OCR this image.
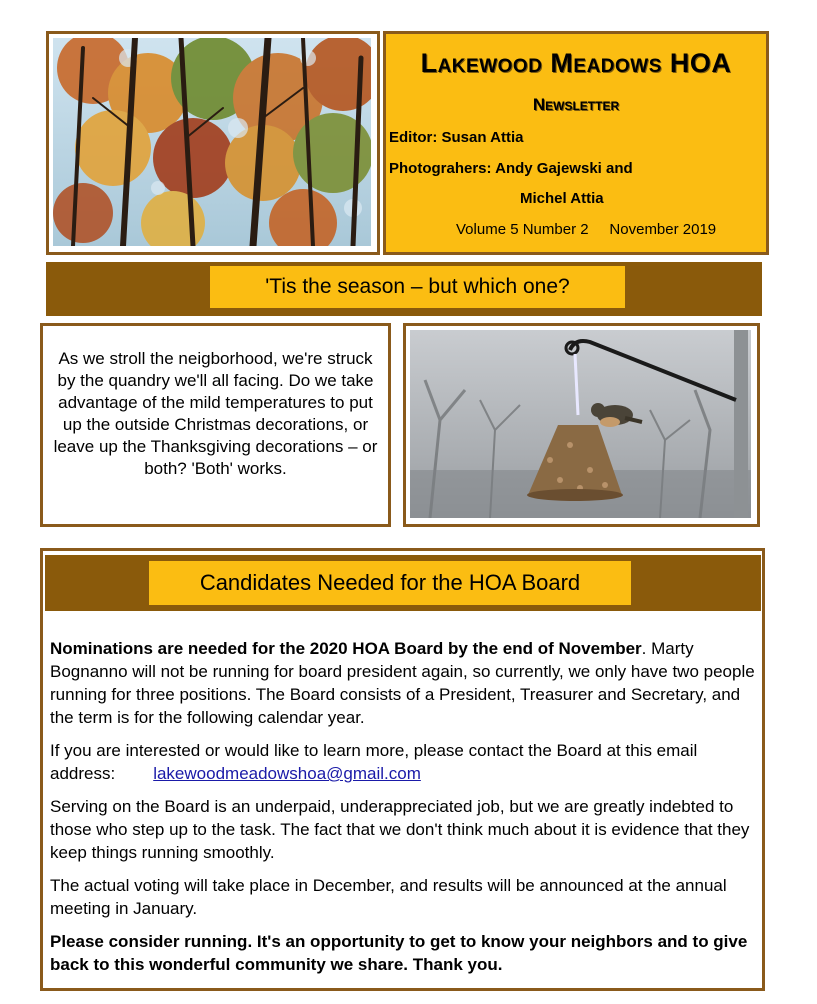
Lakewood Meadows HOA
Newsletter
Editor: Susan Attia
Photograhers: Andy Gajewski and
Michel Attia
Volume 5 Number 2 November 2019
'Tis the season – but which one?
As we stroll the neigborhood, we're struck by the quandry we'll all facing. Do we take advantage of the mild temperatures to put up the outside Christmas decorations, or leave up the Thanksgiving decorations – or both? 'Both' works.
Candidates Needed for the HOA Board

Nominations are needed for the 2020 HOA Board by the end of November. Marty Bognanno will not be running for board president again, so currently, we only have two people running for three positions. The Board consists of a President, Treasurer and Secretary, and the term is for the following calendar year.

If you are interested or would like to learn more, please contact the Board at this email address: lakewoodmeadowshoa@gmail.com

Serving on the Board is an underpaid, underappreciated job, but we are greatly indebted to those who step up to the task. The fact that we don't think much about it is evidence that they keep things running smoothly.

The actual voting will take place in December, and results will be announced at the annual meeting in January.

Please consider running. It's an opportunity to get to know your neighbors and to give back to this wonderful community we share. Thank you.
